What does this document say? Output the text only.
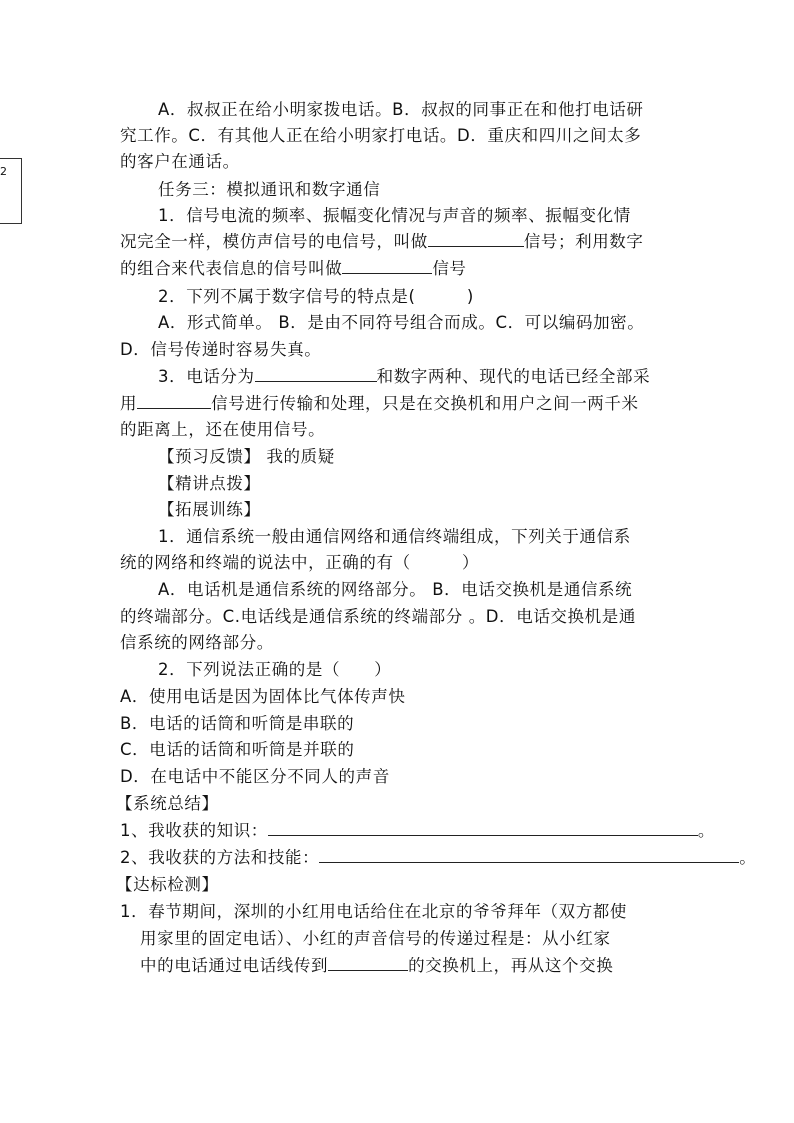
2
A．叔叔正在给小明家拨电话。B．叔叔的同事正在和他打电话研
究工作。C．有其他人正在给小明家打电话。D．重庆和四川之间太多
的客户在通话。
任务三：模拟通讯和数字通信
1．信号电流的频率、振幅变化情况与声音的频率、振幅变化情
况完全一样，模仿声信号的电信号，叫做	信号；利用数字
的组合来代表信息的信号叫做	信号
2．下列不属于数字信号的特点是(　　　)
A．形式简单。 B．是由不同符号组合而成。C．可以编码加密。
D．信号传递时容易失真。
3．电话分为	和数字两种、现代的电话已经全部采
用	信号进行传输和处理，只是在交换机和用户之间一两千米
的距离上，还在使用信号。
【预习反馈】 我的质疑
【精讲点拨】
【拓展训练】
1．通信系统一般由通信网络和通信终端组成，下列关于通信系
统的网络和终端的说法中，正确的有（　　　）
A．电话机是通信系统的网络部分。 B．电话交换机是通信系统
的终端部分。C.电话线是通信系统的终端部分 。D．电话交换机是通
信系统的网络部分。
2．下列说法正确的是（　　）
A．使用电话是因为固体比气体传声快
B．电话的话筒和听筒是串联的
C．电话的话筒和听筒是并联的
D．在电话中不能区分不同人的声音
【系统总结】
1、我收获的知识：	。
2、我收获的方法和技能：	。
【达标检测】
1．春节期间，深圳的小红用电话给住在北京的爷爷拜年（双方都使
用家里的固定电话）、小红的声音信号的传递过程是：从小红家
中的电话通过电话线传到	的交换机上，再从这个交换
